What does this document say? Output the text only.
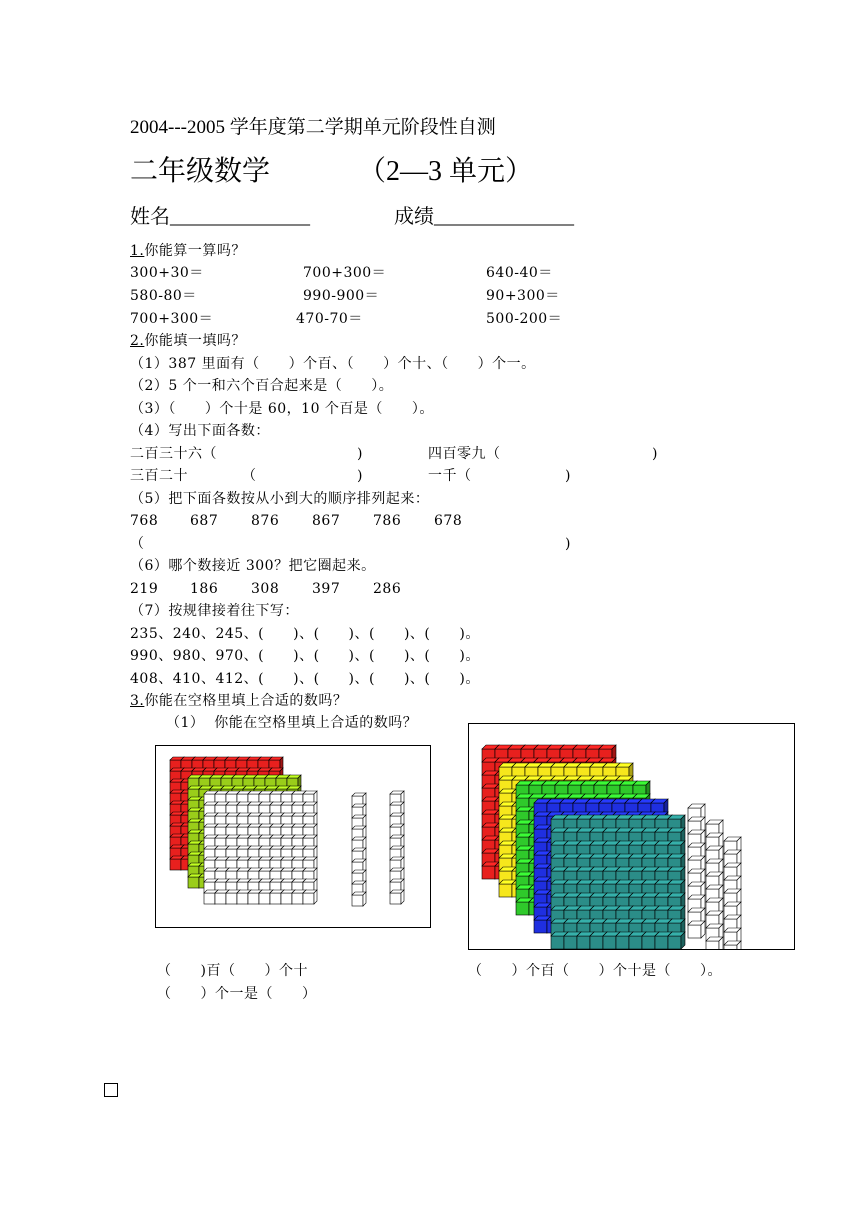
2004---2005 学年度第二学期单元阶段性自测
二年级数学	（2—3 单元）
姓名______________	成绩______________
1.你能算一算吗？
300+30＝	700+300＝	640-40＝
580-80＝	990-900＝	90+300＝
700+300＝	470-70＝	500-200＝
2.你能填一填吗？
（1）387 里面有（　　）个百、（　　）个十、（　　）个一。
（2）5 个一和六个百合起来是（　　）。
（3）（　　）个十是 60，10 个百是（　　）。
（4）写出下面各数：
二百三十六（	)	四百零九（	)
三百二十	（	)	一千（	)
（5）把下面各数按从小到大的顺序排列起来：
768 687 876 867 786 678
（	)
（6）哪个数接近 300？把它圈起来。
219 186 308 397 286
（7）按规律接着往下写：
235、240、245、(　　)、(　　)、(　　)、(　　)。
990、980、970、(　　)、(　　)、(　　)、(　　)。
408、410、412、(　　)、(　　)、(　　)、(　　)。
3.你能在空格里填上合适的数吗？
（1）  你能在空格里填上合适的数吗？
（　　)百（　　）个十
（　　）个一是（　　）
（　　）个百（　　）个十是（　　）。
